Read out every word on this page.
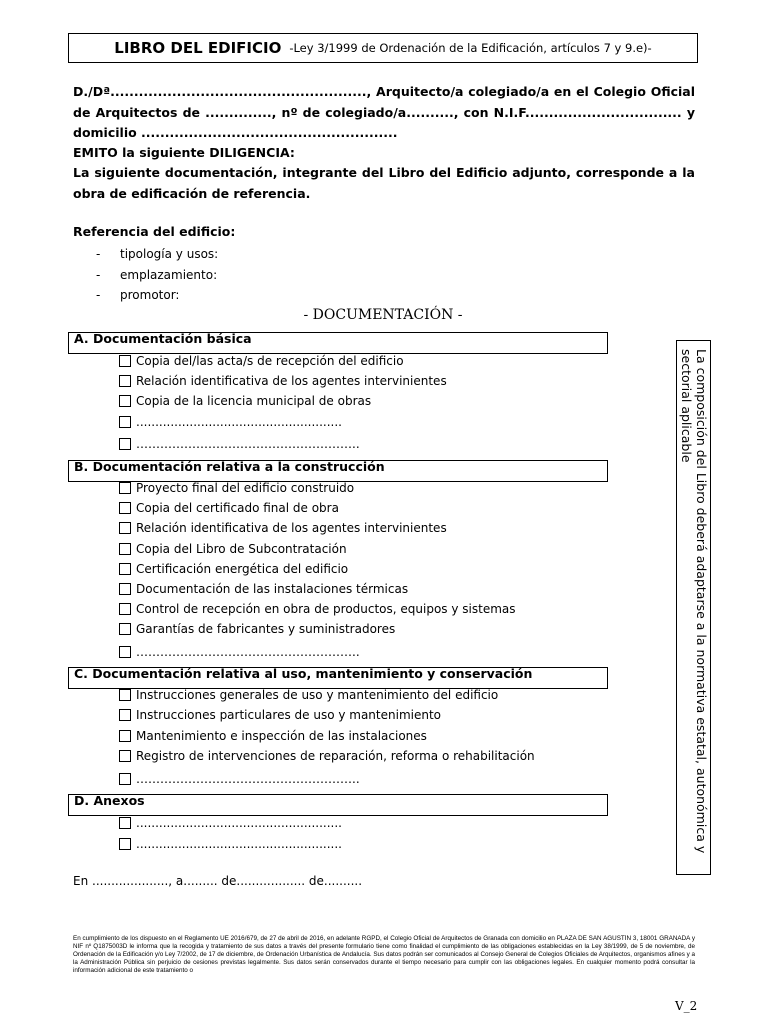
LIBRO DEL EDIFICIO -Ley 3/1999 de Ordenación de la Edificación, artículos 7 y 9.e)-

D./Dª......................................................, Arquitecto/a colegiado/a en el Colegio Oficial de Arquitectos de .............., nº de colegiado/a.........., con N.I.F................................. y domicilio ......................................................

EMITO la siguiente DILIGENCIA:

La siguiente documentación, integrante del Libro del Edificio adjunto, corresponde a la obra de edificación de referencia.

Referencia del edificio:
- tipología y usos:
- emplazamiento:
- promotor:
- DOCUMENTACIÓN -
A. Documentación básica
Copia del/las acta/s de recepción del edificio
Relación identificativa de los agentes intervinientes
Copia de la licencia municipal de obras
......................................................
………………………………………………..
B. Documentación relativa a la construcción
Proyecto final del edificio construido
Copia del certificado final de obra
Relación identificativa de los agentes intervinientes
Copia del Libro de Subcontratación
Certificación energética del edificio
Documentación de las instalaciones térmicas
Control de recepción en obra de productos, equipos y sistemas
Garantías de fabricantes y suministradores
………………………………………………..
C. Documentación relativa al uso, mantenimiento y conservación
Instrucciones generales de uso y mantenimiento del edificio
Instrucciones particulares de uso y mantenimiento
Mantenimiento e inspección de las instalaciones
Registro de intervenciones de reparación, reforma o rehabilitación
………………………………………………..
D. Anexos
......................................................
......................................................	La composición del Libro deberá adaptarse a la normativa estatal, autonómica y sectorial aplicable
En ...................., a......... de.................. de..........
En cumplimiento de los dispuesto en el Reglamento UE 2016/679, de 27 de abril de 2016, en adelante RGPD, el Colegio Oficial de Arquitectos de Granada con domicilio en PLAZA DE SAN AGUSTÍN 3, 18001 GRANADA y NIF nº Q1875003D le informa que la recogida y tratamiento de sus datos a través del presente formulario tiene como finalidad el cumplimiento de las obligaciones establecidas en la Ley 38/1999, de 5 de noviembre, de Ordenación de la Edificación y/o Ley 7/2002, de 17 de diciembre, de Ordenación Urbanística de Andalucía. Sus datos podrán ser comunicados al Consejo General de Colegios Oficiales de Arquitectos, organismos afines y a la Administración Pública sin perjuicio de cesiones previstas legalmente. Sus datos serán conservados durante el tiempo necesario para cumplir con las obligaciones legales. En cualquier momento podrá consultar la información adicional de este tratamiento o
V_2
